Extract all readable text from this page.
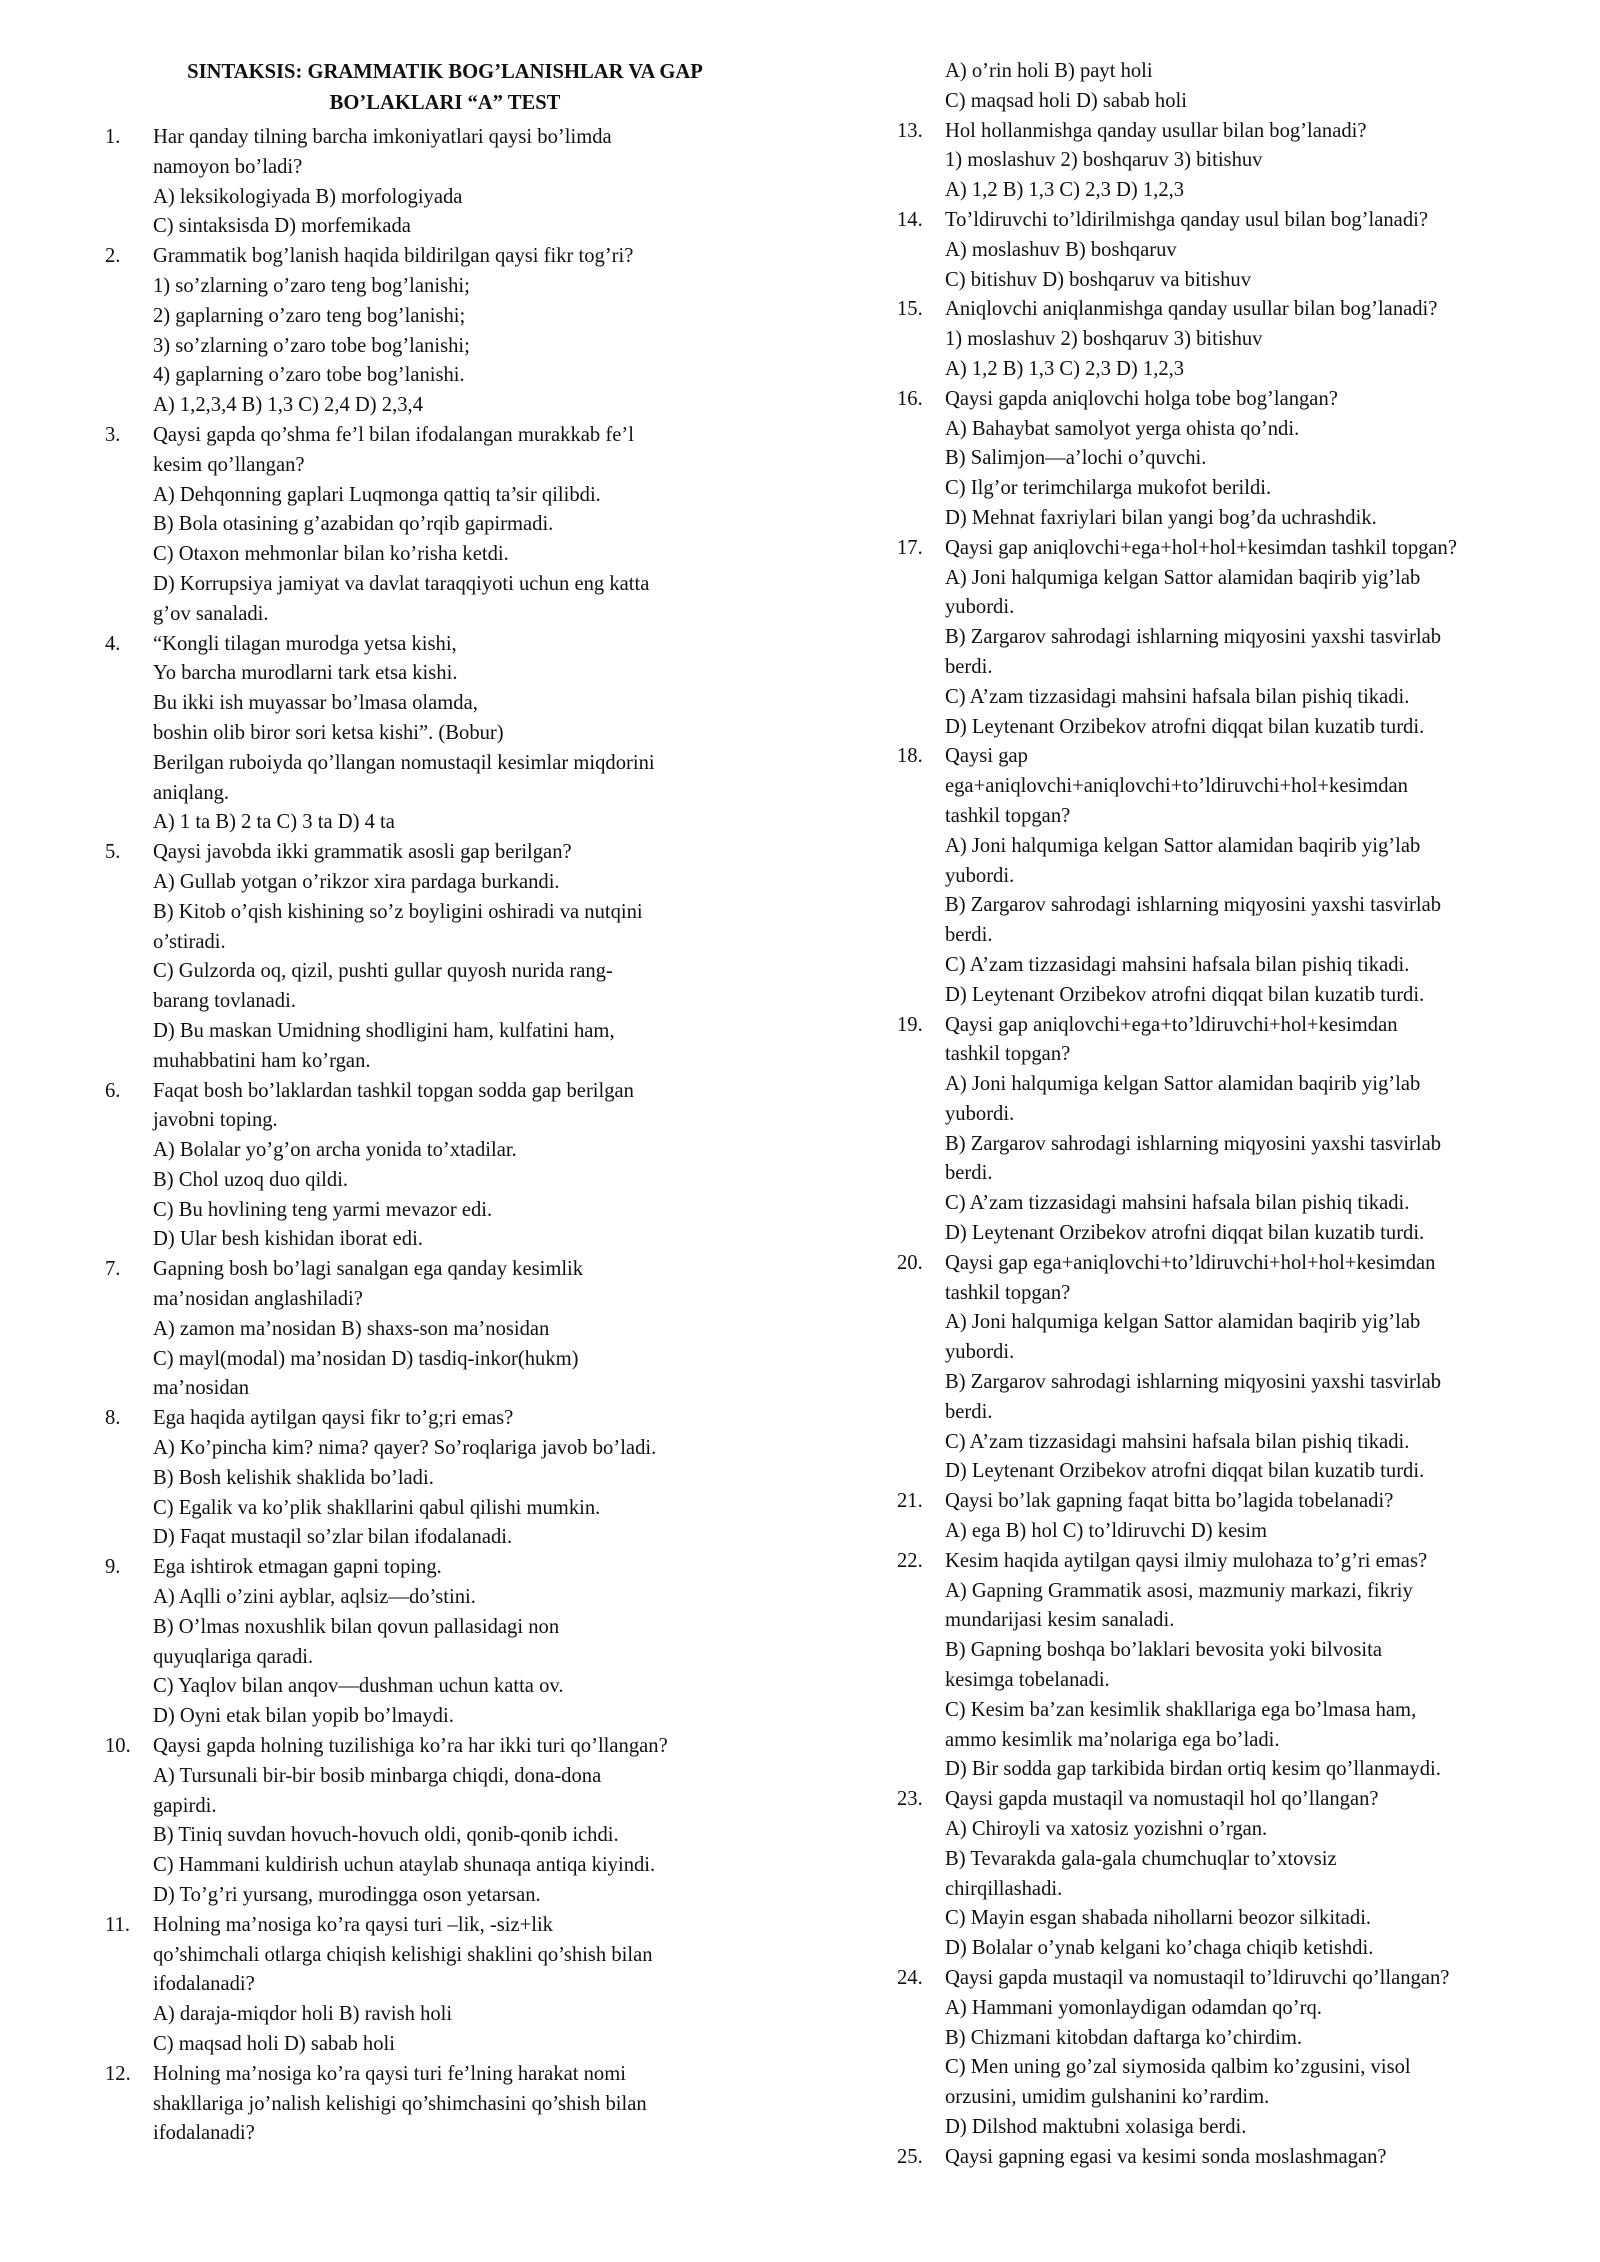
SINTAKSIS: GRAMMATIK BOG’LANISHLAR VA GAP
BO’LAKLARI “A” TEST
1. Har qanday tilning barcha imkoniyatlari qaysi bo’limda
namoyon bo’ladi?
A) leksikologiyada B) morfologiyada
C) sintaksisda D) morfemikada
2. Grammatik bog’lanish haqida bildirilgan qaysi fikr tog’ri?
1) so’zlarning o’zaro teng bog’lanishi;
2) gaplarning o’zaro teng bog’lanishi;
3) so’zlarning o’zaro tobe bog’lanishi;
4) gaplarning o’zaro tobe bog’lanishi.
A) 1,2,3,4 B) 1,3 C) 2,4 D) 2,3,4
3. Qaysi gapda qo’shma fe’l bilan ifodalangan murakkab fe’l
kesim qo’llangan?
A) Dehqonning gaplari Luqmonga qattiq ta’sir qilibdi.
B) Bola otasining g’azabidan qo’rqib gapirmadi.
C) Otaxon mehmonlar bilan ko’risha ketdi.
D) Korrupsiya jamiyat va davlat taraqqiyoti uchun eng katta
g’ov sanaladi.
4. “Kongli tilagan murodga yetsa kishi,
Yo barcha murodlarni tark etsa kishi.
Bu ikki ish muyassar bo’lmasa olamda,
boshin olib biror sori ketsa kishi”. (Bobur)
Berilgan ruboiyda qo’llangan nomustaqil kesimlar miqdorini
aniqlang.
A) 1 ta B) 2 ta C) 3 ta D) 4 ta
5. Qaysi javobda ikki grammatik asosli gap berilgan?
A) Gullab yotgan o’rikzor xira pardaga burkandi.
B) Kitob o’qish kishining so’z boyligini oshiradi va nutqini
o’stiradi.
C) Gulzorda oq, qizil, pushti gullar quyosh nurida rang-
barang tovlanadi.
D) Bu maskan Umidning shodligini ham, kulfatini ham,
muhabbatini ham ko’rgan.
6. Faqat bosh bo’laklardan tashkil topgan sodda gap berilgan
javobni toping.
A) Bolalar yo’g’on archa yonida to’xtadilar.
B) Chol uzoq duo qildi.
C) Bu hovlining teng yarmi mevazor edi.
D) Ular besh kishidan iborat edi.
7. Gapning bosh bo’lagi sanalgan ega qanday kesimlik
ma’nosidan anglashiladi?
A) zamon ma’nosidan B) shaxs-son ma’nosidan
C) mayl(modal) ma’nosidan D) tasdiq-inkor(hukm)
ma’nosidan
8. Ega haqida aytilgan qaysi fikr to’g;ri emas?
A) Ko’pincha kim? nima? qayer? So’roqlariga javob bo’ladi.
B) Bosh kelishik shaklida bo’ladi.
C) Egalik va ko’plik shakllarini qabul qilishi mumkin.
D) Faqat mustaqil so’zlar bilan ifodalanadi.
9. Ega ishtirok etmagan gapni toping.
A) Aqlli o’zini ayblar, aqlsiz—do’stini.
B) O’lmas noxushlik bilan qovun pallasidagi non
quyuqlariga qaradi.
C) Yaqlov bilan anqov—dushman uchun katta ov.
D) Oyni etak bilan yopib bo’lmaydi.
10. Qaysi gapda holning tuzilishiga ko’ra har ikki turi qo’llangan?
A) Tursunali bir-bir bosib minbarga chiqdi, dona-dona
gapirdi.
B) Tiniq suvdan hovuch-hovuch oldi, qonib-qonib ichdi.
C) Hammani kuldirish uchun ataylab shunaqa antiqa kiyindi.
D) To’g’ri yursang, murodingga oson yetarsan.
11. Holning ma’nosiga ko’ra qaysi turi –lik, -siz+lik
qo’shimchali otlarga chiqish kelishigi shaklini qo’shish bilan
ifodalanadi?
A) daraja-miqdor holi B) ravish holi
C) maqsad holi D) sabab holi
12. Holning ma’nosiga ko’ra qaysi turi fe’lning harakat nomi
shakllariga jo’nalish kelishigi qo’shimchasini qo’shish bilan
ifodalanadi?
A) o’rin holi B) payt holi
C) maqsad holi D) sabab holi
13. Hol hollanmishga qanday usullar bilan bog’lanadi?
1) moslashuv 2) boshqaruv 3) bitishuv
A) 1,2 B) 1,3 C) 2,3 D) 1,2,3
14. To’ldiruvchi to’ldirilmishga qanday usul bilan bog’lanadi?
A) moslashuv B) boshqaruv
C) bitishuv D) boshqaruv va bitishuv
15. Aniqlovchi aniqlanmishga qanday usullar bilan bog’lanadi?
1) moslashuv 2) boshqaruv 3) bitishuv
A) 1,2 B) 1,3 C) 2,3 D) 1,2,3
16. Qaysi gapda aniqlovchi holga tobe bog’langan?
A) Bahaybat samolyot yerga ohista qo’ndi.
B) Salimjon—a’lochi o’quvchi.
C) Ilg’or terimchilarga mukofot berildi.
D) Mehnat faxriylari bilan yangi bog’da uchrashdik.
17. Qaysi gap aniqlovchi+ega+hol+hol+kesimdan tashkil topgan?
A) Joni halqumiga kelgan Sattor alamidan baqirib yig’lab
yubordi.
B) Zargarov sahrodagi ishlarning miqyosini yaxshi tasvirlab
berdi.
C) A’zam tizzasidagi mahsini hafsala bilan pishiq tikadi.
D) Leytenant Orzibekov atrofni diqqat bilan kuzatib turdi.
18. Qaysi gap
ega+aniqlovchi+aniqlovchi+to’ldiruvchi+hol+kesimdan
tashkil topgan?
A) Joni halqumiga kelgan Sattor alamidan baqirib yig’lab
yubordi.
B) Zargarov sahrodagi ishlarning miqyosini yaxshi tasvirlab
berdi.
C) A’zam tizzasidagi mahsini hafsala bilan pishiq tikadi.
D) Leytenant Orzibekov atrofni diqqat bilan kuzatib turdi.
19. Qaysi gap aniqlovchi+ega+to’ldiruvchi+hol+kesimdan
tashkil topgan?
A) Joni halqumiga kelgan Sattor alamidan baqirib yig’lab
yubordi.
B) Zargarov sahrodagi ishlarning miqyosini yaxshi tasvirlab
berdi.
C) A’zam tizzasidagi mahsini hafsala bilan pishiq tikadi.
D) Leytenant Orzibekov atrofni diqqat bilan kuzatib turdi.
20. Qaysi gap ega+aniqlovchi+to’ldiruvchi+hol+hol+kesimdan
tashkil topgan?
A) Joni halqumiga kelgan Sattor alamidan baqirib yig’lab
yubordi.
B) Zargarov sahrodagi ishlarning miqyosini yaxshi tasvirlab
berdi.
C) A’zam tizzasidagi mahsini hafsala bilan pishiq tikadi.
D) Leytenant Orzibekov atrofni diqqat bilan kuzatib turdi.
21. Qaysi bo’lak gapning faqat bitta bo’lagida tobelanadi?
A) ega B) hol C) to’ldiruvchi D) kesim
22. Kesim haqida aytilgan qaysi ilmiy mulohaza to’g’ri emas?
A) Gapning Grammatik asosi, mazmuniy markazi, fikriy
mundarijasi kesim sanaladi.
B) Gapning boshqa bo’laklari bevosita yoki bilvosita
kesimga tobelanadi.
C) Kesim ba’zan kesimlik shakllariga ega bo’lmasa ham,
ammo kesimlik ma’nolariga ega bo’ladi.
D) Bir sodda gap tarkibida birdan ortiq kesim qo’llanmaydi.
23. Qaysi gapda mustaqil va nomustaqil hol qo’llangan?
A) Chiroyli va xatosiz yozishni o’rgan.
B) Tevarakda gala-gala chumchuqlar to’xtovsiz
chirqillashadi.
C) Mayin esgan shabada nihollarni beozor silkitadi.
D) Bolalar o’ynab kelgani ko’chaga chiqib ketishdi.
24. Qaysi gapda mustaqil va nomustaqil to’ldiruvchi qo’llangan?
A) Hammani yomonlaydigan odamdan qo’rq.
B) Chizmani kitobdan daftarga ko’chirdim.
C) Men uning go’zal siymosida qalbim ko’zgusini, visol
orzusini, umidim gulshanini ko’rardim.
D) Dilshod maktubni xolasiga berdi.
25. Qaysi gapning egasi va kesimi sonda moslashmagan?
